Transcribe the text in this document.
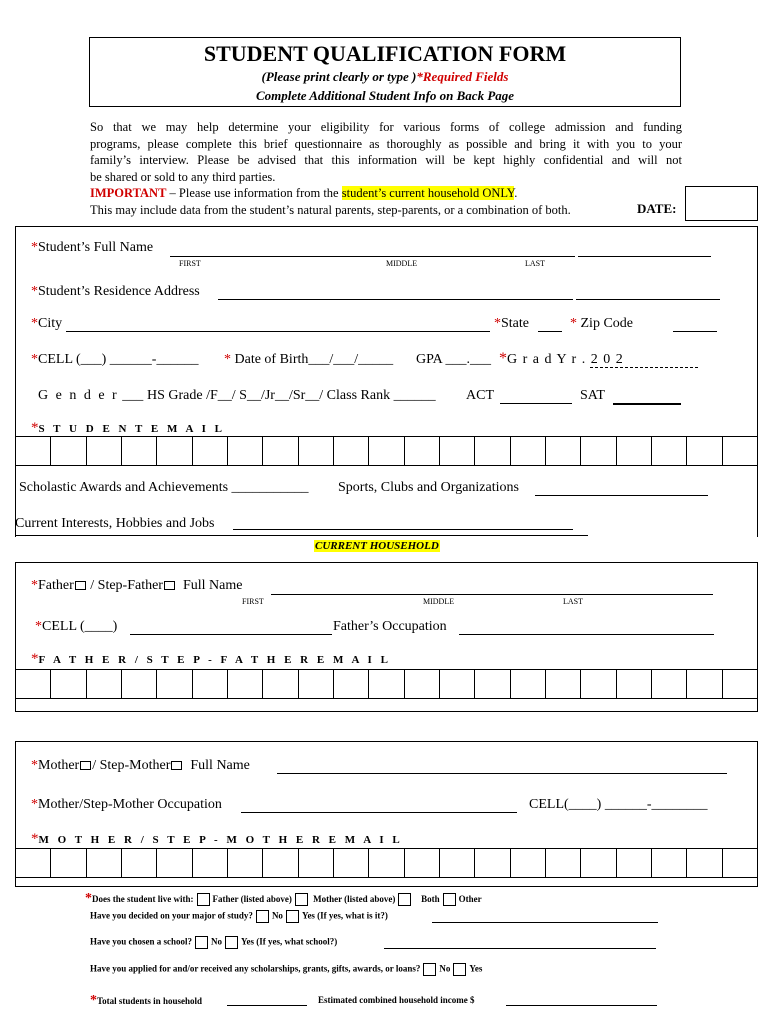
STUDENT QUALIFICATION FORM
(Please print clearly or type )*Required Fields
Complete Additional Student Info on Back Page
So that we may help determine your eligibility for various forms of college admission and funding
programs, please complete this brief questionnaire as thoroughly as possible and bring it with you to your
family’s interview. Please be advised that this information will be kept highly confidential and will not
be shared or sold to any third parties.
IMPORTANT – Please use information from the student’s current household ONLY.
This may include data from the student’s natural parents, step-parents, or a combination of both.	DATE:
*Student’s Full Name
FIRST	MIDDLE	LAST
*Student’s Residence Address
*City	*State	* Zip Code
*CELL (___) ______-______ * Date of Birth___/___/_____ GPA ___.___ *G r a d Y r . 2 0 2
G e n d e r ___ HS Grade /F__/ S__/Jr__/Sr__/ Class Rank ______ ACT	SAT
*S T U D E N T E M A I L
Scholastic Awards and Achievements ___________ Sports, Clubs and Organizations
Current Interests, Hobbies and Jobs
CURRENT HOUSEHOLD
*Father / Step-Father Full Name
FIRST	MIDDLE	LAST
*CELL (____)	Father’s Occupation
*F A T H E R / S T E P - F A T H E R E M A I L
*Mother / Step-Mother Full Name
*Mother/Step-Mother Occupation	CELL(____) ______-________
*M O T H E R / S T E P - M O T H E R E M A I L
*Does the student live with: Father (listed above) Mother (listed above)	Both Other
Have you decided on your major of study? No Yes (If yes, what is it?)
Have you chosen a school? No Yes (If yes, what school?)
Have you applied for and/or received any scholarships, grants, gifts, awards, or loans? No Yes
*Total students in household	Estimated combined household income $
